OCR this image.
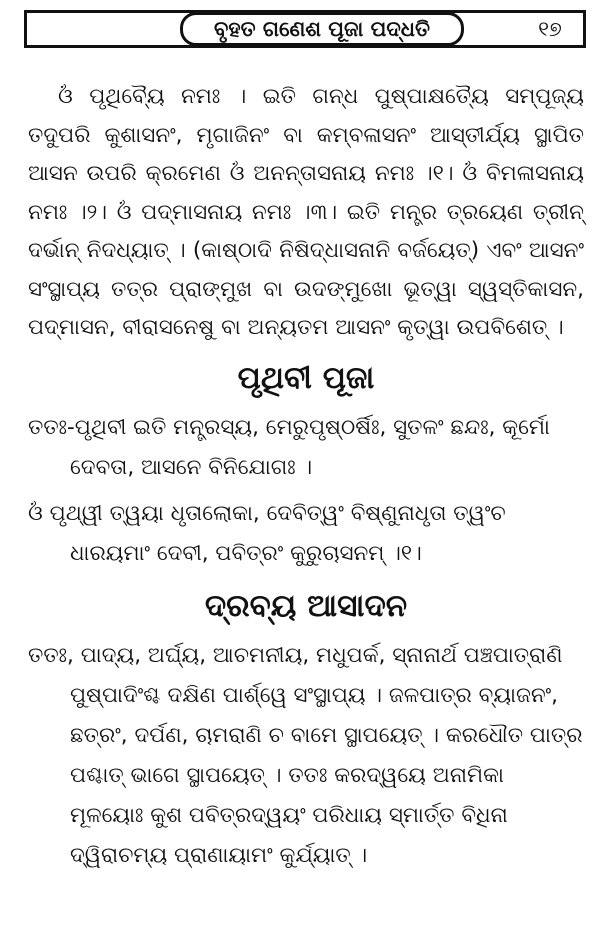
ବୃହତ ଗଣେଶ ପୂଜା ପଦ୍ଧତି	୧୭

ଓଁ ପୃଥିବ୍ୟୈ ନମଃ । ଇତି ଗନ୍ଧ ପୁଷ୍ପାକ୍ଷତ୍ୟୈ ସମ୍ପୂଜ୍ୟ ତଦୁପରି କୁଶାସନଂ, ମୃଗାଜିନଂ ବା କମ୍ବଳାସନଂ ଆସ୍ତୀର୍ଯ୍ୟ ସ୍ଥାପିତ ଆସନ ଉପରି କ୍ରମେଣ ଓଁ ଅନନ୍ତାସନାୟ ନମଃ ।୧। ଓଁ ବିମଳାସନାୟ ନମଃ ।୨। ଓଁ ପଦ୍ମାସନାୟ ନମଃ ।୩। ଇତି ମନ୍ତ୍ର ତ୍ରୟେଣ ତ୍ରୀନ୍ ଦର୍ଭାନ୍ ନିଦଧ୍ୟାତ୍ । (କାଷ୍ଠାଦି ନିଷିଦ୍ଧାସନାନି ବର୍ଜୟେତ୍) ଏବଂ ଆସନଂ ସଂସ୍ଥାପ୍ୟ ତତ୍ର ପ୍ରାଙ୍‌ମୁଖ ବା ଉଦଙ୍‌ମୁଖୋ ଭୂତ୍ୱା ସ୍ୱସ୍ତିକାସନ, ପଦ୍ମାସନ, ବୀରାସନେଷୁ ବା ଅନ୍ୟତମ ଆସନଂ କୃତ୍ୱା ଉପବିଶେତ୍ ।

ପୃଥିବୀ ପୂଜା

ତତଃ-ପୃଥିବୀ ଇତି ମନ୍ତ୍ରସ୍ୟ, ମେରୁପୃଷ୍ଠର୍ଷିଃ, ସୁତଳଂ ଛନ୍ଦଃ, କୂର୍ମୋ ଦେବତା, ଆସନେ ବିନିଯୋଗଃ ।

ଓଁ ପୃଥ୍ୱୀ ତ୍ୱୟା ଧୃତାଲୋକା, ଦେବିତ୍ୱଂ ବିଷ୍ଣୁନାଧୃତା ତ୍ୱଂଚ ଧାରୟମାଂ ଦେବୀ, ପବିତ୍ରଂ କୁରୁଚାସନମ୍ ।୧।

ଦ୍ରବ୍ୟ ଆସାଦନ

ତତଃ, ପାଦ୍ୟ, ଅର୍ଘ୍ୟ, ଆଚମନୀୟ, ମଧୁପର୍କ, ସ୍ନାନାର୍ଥ ପଞ୍ଚପାତ୍ରାଣି ପୁଷ୍ପାଦିଂଶ୍ଚ ଦକ୍ଷିଣ ପାର୍ଶ୍ୱେ ସଂସ୍ଥାପ୍ୟ । ଜଳପାତ୍ର ବ୍ୟାଜନଂ, ଛତ୍ରଂ, ଦର୍ପଣ, ଚାମରାଣି ଚ ବାମେ ସ୍ଥାପୟେତ୍ । କରଧୌତ ପାତ୍ର ପଶ୍ଚାତ୍ ଭାଗେ ସ୍ଥାପୟେତ୍ । ତତଃ କରଦ୍ୱୟେ ଅନାମିକା ମୂଳୟୋଃ କୁଶ ପବିତ୍ରଦ୍ୱୟଂ ପରିଧାୟ ସ୍ମାର୍ତ୍ତ ବିଧିନା ଦ୍ୱିରାଚମ୍ୟ ପ୍ରାଣାୟାମଂ କୁର୍ଯ୍ୟାତ୍ ।
